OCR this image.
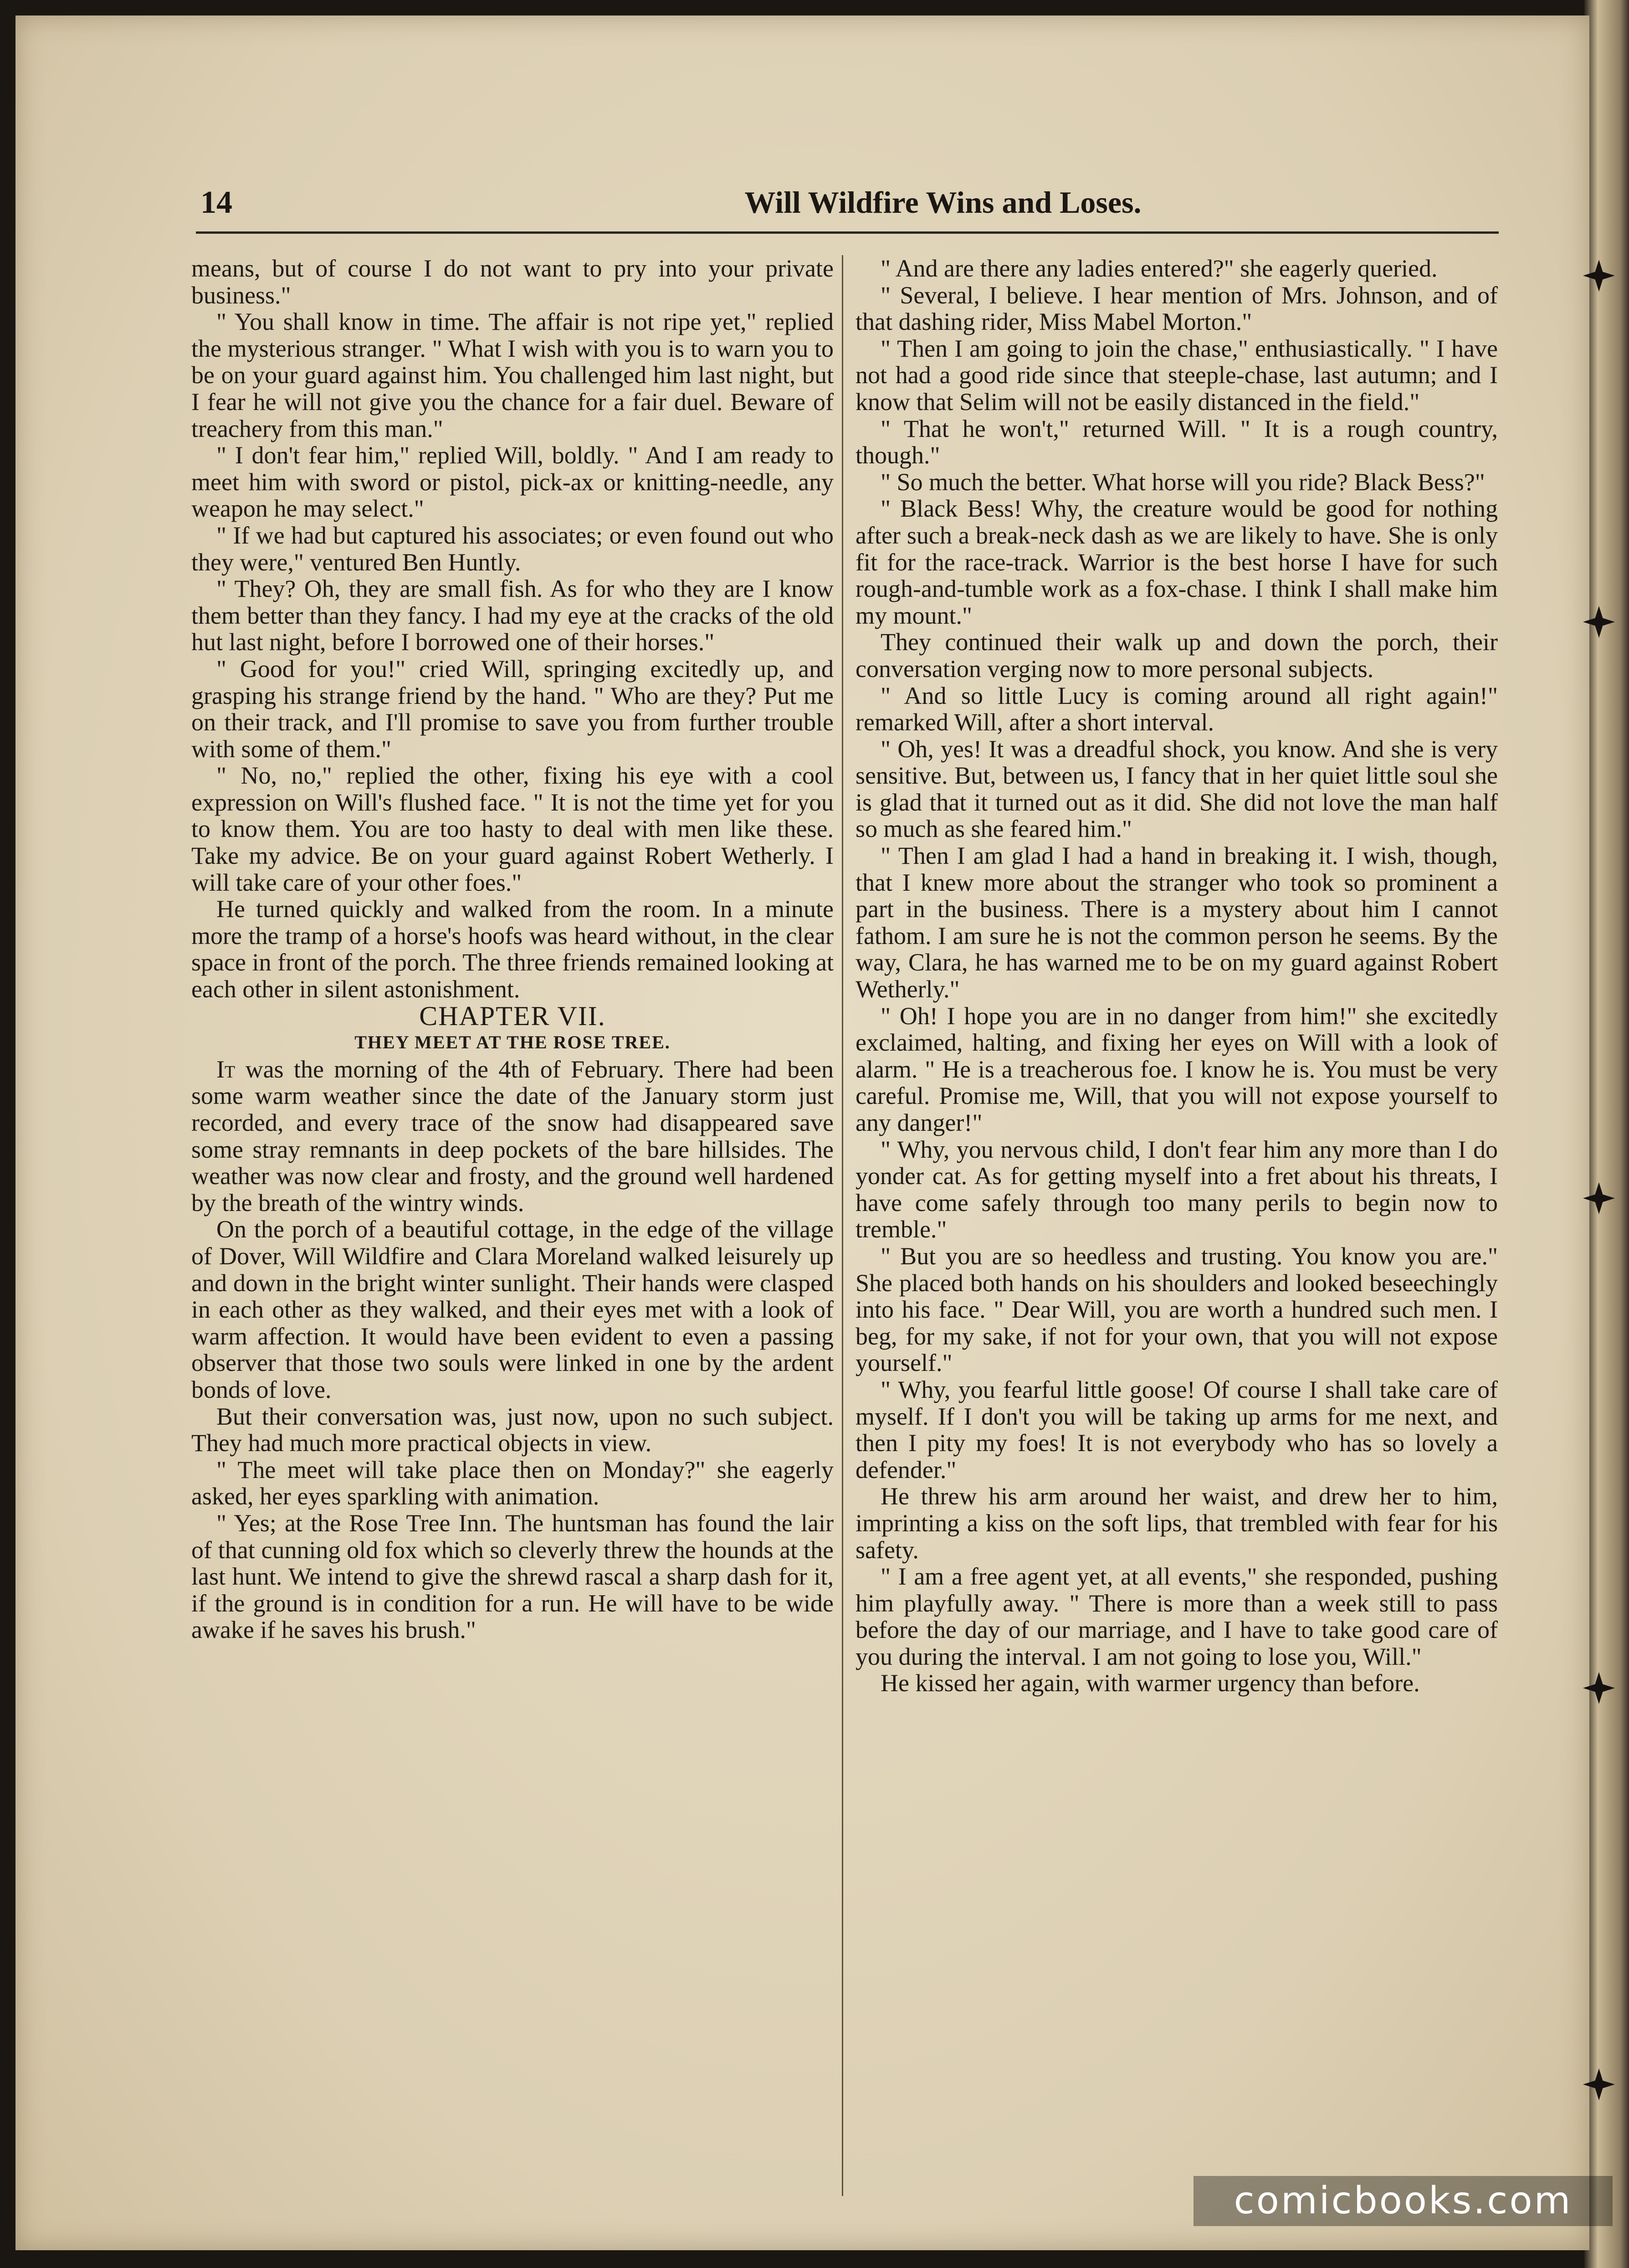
14	Will Wildfire Wins and Loses.

means, but of course I do not want to pry into your private business."

" You shall know in time. The affair is not ripe yet," replied the mysterious stranger. " What I wish with you is to warn you to be on your guard against him. You challenged him last night, but I fear he will not give you the chance for a fair duel. Beware of treachery from this man."

" I don't fear him," replied Will, boldly. " And I am ready to meet him with sword or pistol, pick-ax or knitting-needle, any weapon he may select."

" If we had but captured his associates; or even found out who they were," ventured Ben Huntly.

" They? Oh, they are small fish. As for who they are I know them better than they fancy. I had my eye at the cracks of the old hut last night, before I borrowed one of their horses."

" Good for you!" cried Will, springing excitedly up, and grasping his strange friend by the hand. " Who are they? Put me on their track, and I'll promise to save you from further trouble with some of them."

" No, no," replied the other, fixing his eye with a cool expression on Will's flushed face. " It is not the time yet for you to know them. You are too hasty to deal with men like these. Take my advice. Be on your guard against Robert Wetherly. I will take care of your other foes."

He turned quickly and walked from the room. In a minute more the tramp of a horse's hoofs was heard without, in the clear space in front of the porch. The three friends remained looking at each other in silent astonishment.

CHAPTER VII.

THEY MEET AT THE ROSE TREE.

It was the morning of the 4th of February. There had been some warm weather since the date of the January storm just recorded, and every trace of the snow had disappeared save some stray remnants in deep pockets of the bare hillsides. The weather was now clear and frosty, and the ground well hardened by the breath of the wintry winds.

On the porch of a beautiful cottage, in the edge of the village of Dover, Will Wildfire and Clara Moreland walked leisurely up and down in the bright winter sunlight. Their hands were clasped in each other as they walked, and their eyes met with a look of warm affection. It would have been evident to even a passing observer that those two souls were linked in one by the ardent bonds of love.

But their conversation was, just now, upon no such subject. They had much more practical objects in view.

" The meet will take place then on Monday?" she eagerly asked, her eyes sparkling with animation.

" Yes; at the Rose Tree Inn. The huntsman has found the lair of that cunning old fox which so cleverly threw the hounds at the last hunt. We intend to give the shrewd rascal a sharp dash for it, if the ground is in condition for a run. He will have to be wide awake if he saves his brush."

" And are there any ladies entered?" she eagerly queried.

" Several, I believe. I hear mention of Mrs. Johnson, and of that dashing rider, Miss Mabel Morton."

" Then I am going to join the chase," enthusiastically. " I have not had a good ride since that steeple-chase, last autumn; and I know that Selim will not be easily distanced in the field."

" That he won't," returned Will. " It is a rough country, though."

" So much the better. What horse will you ride? Black Bess?"

" Black Bess! Why, the creature would be good for nothing after such a break-neck dash as we are likely to have. She is only fit for the race-track. Warrior is the best horse I have for such rough-and-tumble work as a fox-chase. I think I shall make him my mount."

They continued their walk up and down the porch, their conversation verging now to more personal subjects.

" And so little Lucy is coming around all right again!" remarked Will, after a short interval.

" Oh, yes! It was a dreadful shock, you know. And she is very sensitive. But, between us, I fancy that in her quiet little soul she is glad that it turned out as it did. She did not love the man half so much as she feared him."

" Then I am glad I had a hand in breaking it. I wish, though, that I knew more about the stranger who took so prominent a part in the business. There is a mystery about him I cannot fathom. I am sure he is not the common person he seems. By the way, Clara, he has warned me to be on my guard against Robert Wetherly."

" Oh! I hope you are in no danger from him!" she excitedly exclaimed, halting, and fixing her eyes on Will with a look of alarm. " He is a treacherous foe. I know he is. You must be very careful. Promise me, Will, that you will not expose yourself to any danger!"

" Why, you nervous child, I don't fear him any more than I do yonder cat. As for getting myself into a fret about his threats, I have come safely through too many perils to begin now to tremble."

" But you are so heedless and trusting. You know you are." She placed both hands on his shoulders and looked beseechingly into his face. " Dear Will, you are worth a hundred such men. I beg, for my sake, if not for your own, that you will not expose yourself."

" Why, you fearful little goose! Of course I shall take care of myself. If I don't you will be taking up arms for me next, and then I pity my foes! It is not everybody who has so lovely a defender."

He threw his arm around her waist, and drew her to him, imprinting a kiss on the soft lips, that trembled with fear for his safety.

" I am a free agent yet, at all events," she responded, pushing him playfully away. " There is more than a week still to pass before the day of our marriage, and I have to take good care of you during the interval. I am not going to lose you, Will."

He kissed her again, with warmer urgency than before.

comicbooks.com
